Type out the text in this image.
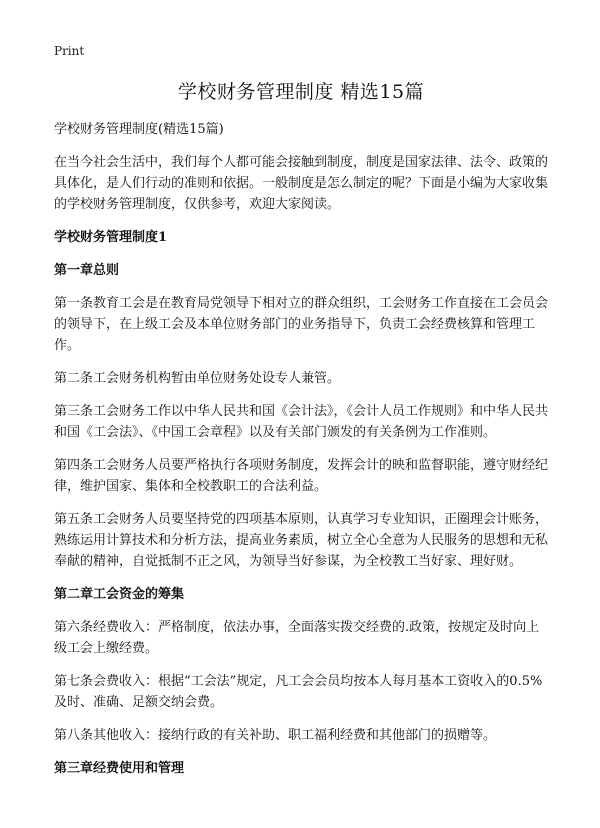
Print
学校财务管理制度 精选15篇

学校财务管理制度(精选15篇)

在当今社会生活中，我们每个人都可能会接触到制度，制度是国家法律、法令、政策的具体化，是人们行动的准则和依据。一般制度是怎么制定的呢？下面是小编为大家收集的学校财务管理制度，仅供参考，欢迎大家阅读。

学校财务管理制度1

第一章总则

第一条教育工会是在教育局党领导下相对立的群众组织，工会财务工作直接在工会员会的领导下，在上级工会及本单位财务部门的业务指导下，负责工会经费核算和管理工作。

第二条工会财务机构暂由单位财务处设专人兼管。

第三条工会财务工作以中华人民共和国《会计法》，《会计人员工作规则》和中华人民共和国《工会法》、《中国工会章程》以及有关部门颁发的有关条例为工作准则。

第四条工会财务人员要严格执行各项财务制度，发挥会计的映和监督职能，遵守财经纪律，维护国家、集体和全校教职工的合法利益。

第五条工会财务人员要坚持党的四项基本原则，认真学习专业知识，正圈理会计账务，熟练运用计算技术和分析方法，提高业务素质，树立全心全意为人民服务的思想和无私奉献的精神，自觉抵制不正之风，为领导当好参谋，为全校教工当好家、理好财。

第二章工会资金的筹集

第六条经费收入：严格制度，依法办事，全面落实拨交经费的.政策，按规定及时向上级工会上缴经费。

第七条会费收入：根据“工会法”规定，凡工会会员均按本人每月基本工资收入的0.5%及时、准确、足额交纳会费。

第八条其他收入：接纳行政的有关补助、职工福利经费和其他部门的损赠等。

第三章经费使用和管理
